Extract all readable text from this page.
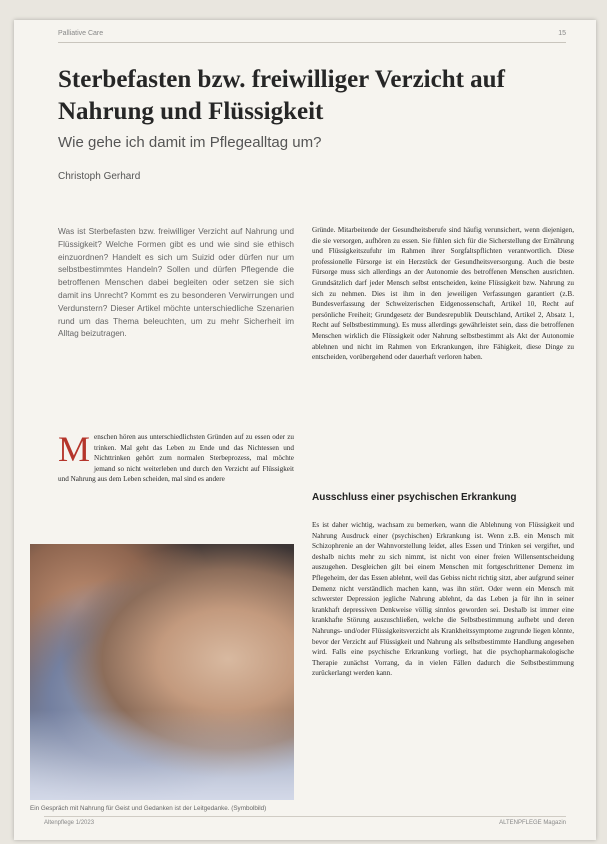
Palliative Care	15
Sterbefasten bzw. freiwilliger Verzicht auf Nahrung und Flüssigkeit
Wie gehe ich damit im Pflegealltag um?
Christoph Gerhard

Was ist Sterbefasten bzw. freiwilliger Verzicht auf Nahrung und Flüssigkeit? Welche Formen gibt es und wie sind sie ethisch einzuordnen? Handelt es sich um Suizid oder dürfen nur um selbstbestimmtes Handeln? Sollen und dürfen Pflegende die betroffenen Menschen dabei begleiten oder setzen sie sich damit ins Unrecht? Kommt es zu besonderen Verwirrungen und Verdunstern? Dieser Artikel möchte unterschiedliche Szenarien rund um das Thema beleuchten, um zu mehr Sicherheit im Alltag beizutragen.

Menschen hören aus unterschiedlichsten Gründen auf zu essen oder zu trinken. Mal geht das Leben zu Ende und das Nichtessen und Nichttrinken gehört zum normalen Sterbeprozess, mal möchte jemand so nicht weiterleben und durch den Verzicht auf Flüssigkeit und Nahrung aus dem Leben scheiden, mal sind es andere

Ein Gespräch mit Nahrung für Geist und Gedanken ist der Leitgedanke. (Symbolbild)

Gründe. Mitarbeitende der Gesundheitsberufe sind häufig verunsichert, wenn diejenigen, die sie versorgen, aufhören zu essen. Sie fühlen sich für die Sicherstellung der Ernährung und Flüssigkeitszufuhr im Rahmen ihrer Sorgfaltspflichten verantwortlich. Diese professionelle Fürsorge ist ein Herzstück der Gesundheitsversorgung. Auch die beste Fürsorge muss sich allerdings an der Autonomie des betroffenen Menschen ausrichten. Grundsätzlich darf jeder Mensch selbst entscheiden, keine Flüssigkeit bzw. Nahrung zu sich zu nehmen. Dies ist ihm in den jeweiligen Verfassungen garantiert (z.B. Bundesverfassung der Schweizerischen Eidgenossenschaft, Artikel 10, Recht auf persönliche Freiheit; Grundgesetz der Bundesrepublik Deutschland, Artikel 2, Absatz 1, Recht auf Selbstbestimmung). Es muss allerdings gewährleistet sein, dass die betroffenen Menschen wirklich die Flüssigkeit oder Nahrung selbstbestimmt als Akt der Autonomie ablehnen und nicht im Rahmen von Erkrankungen, ihre Fähigkeit, diese Dinge zu entscheiden, vorübergehend oder dauerhaft verloren haben.

Ausschluss einer psychischen Erkrankung

Es ist daher wichtig, wachsam zu bemerken, wann die Ablehnung von Flüssigkeit und Nahrung Ausdruck einer (psychischen) Erkrankung ist. Wenn z.B. ein Mensch mit Schizophrenie an der Wahnvorstellung leidet, alles Essen und Trinken sei vergiftet, und deshalb nichts mehr zu sich nimmt, ist nicht von einer freien Willensentscheidung auszugehen. Desgleichen gilt bei einem Menschen mit fortgeschrittener Demenz im Pflegeheim, der das Essen ablehnt, weil das Gebiss nicht richtig sitzt, aber aufgrund seiner Demenz nicht verständlich machen kann, was ihn stört. Oder wenn ein Mensch mit schwerster Depression jegliche Nahrung ablehnt, da das Leben ja für ihn in seiner krankhaft depressiven Denkweise völlig sinnlos geworden sei. Deshalb ist immer eine krankhafte Störung auszuschließen, welche die Selbstbestimmung aufhebt und deren Nahrungs- und/oder Flüssigkeitsverzicht als Krankheitssymptome zugrunde liegen könnte, bevor der Verzicht auf Flüssigkeit und Nahrung als selbstbestimmte Handlung angesehen wird. Falls eine psychische Erkrankung vorliegt, hat die psychopharmakologische Therapie zunächst Vorrang, da in vielen Fällen dadurch die Selbstbestimmung zurückerlangt werden kann.

Altenpflege 1/2023	ALTENPFLEGE Magazin
